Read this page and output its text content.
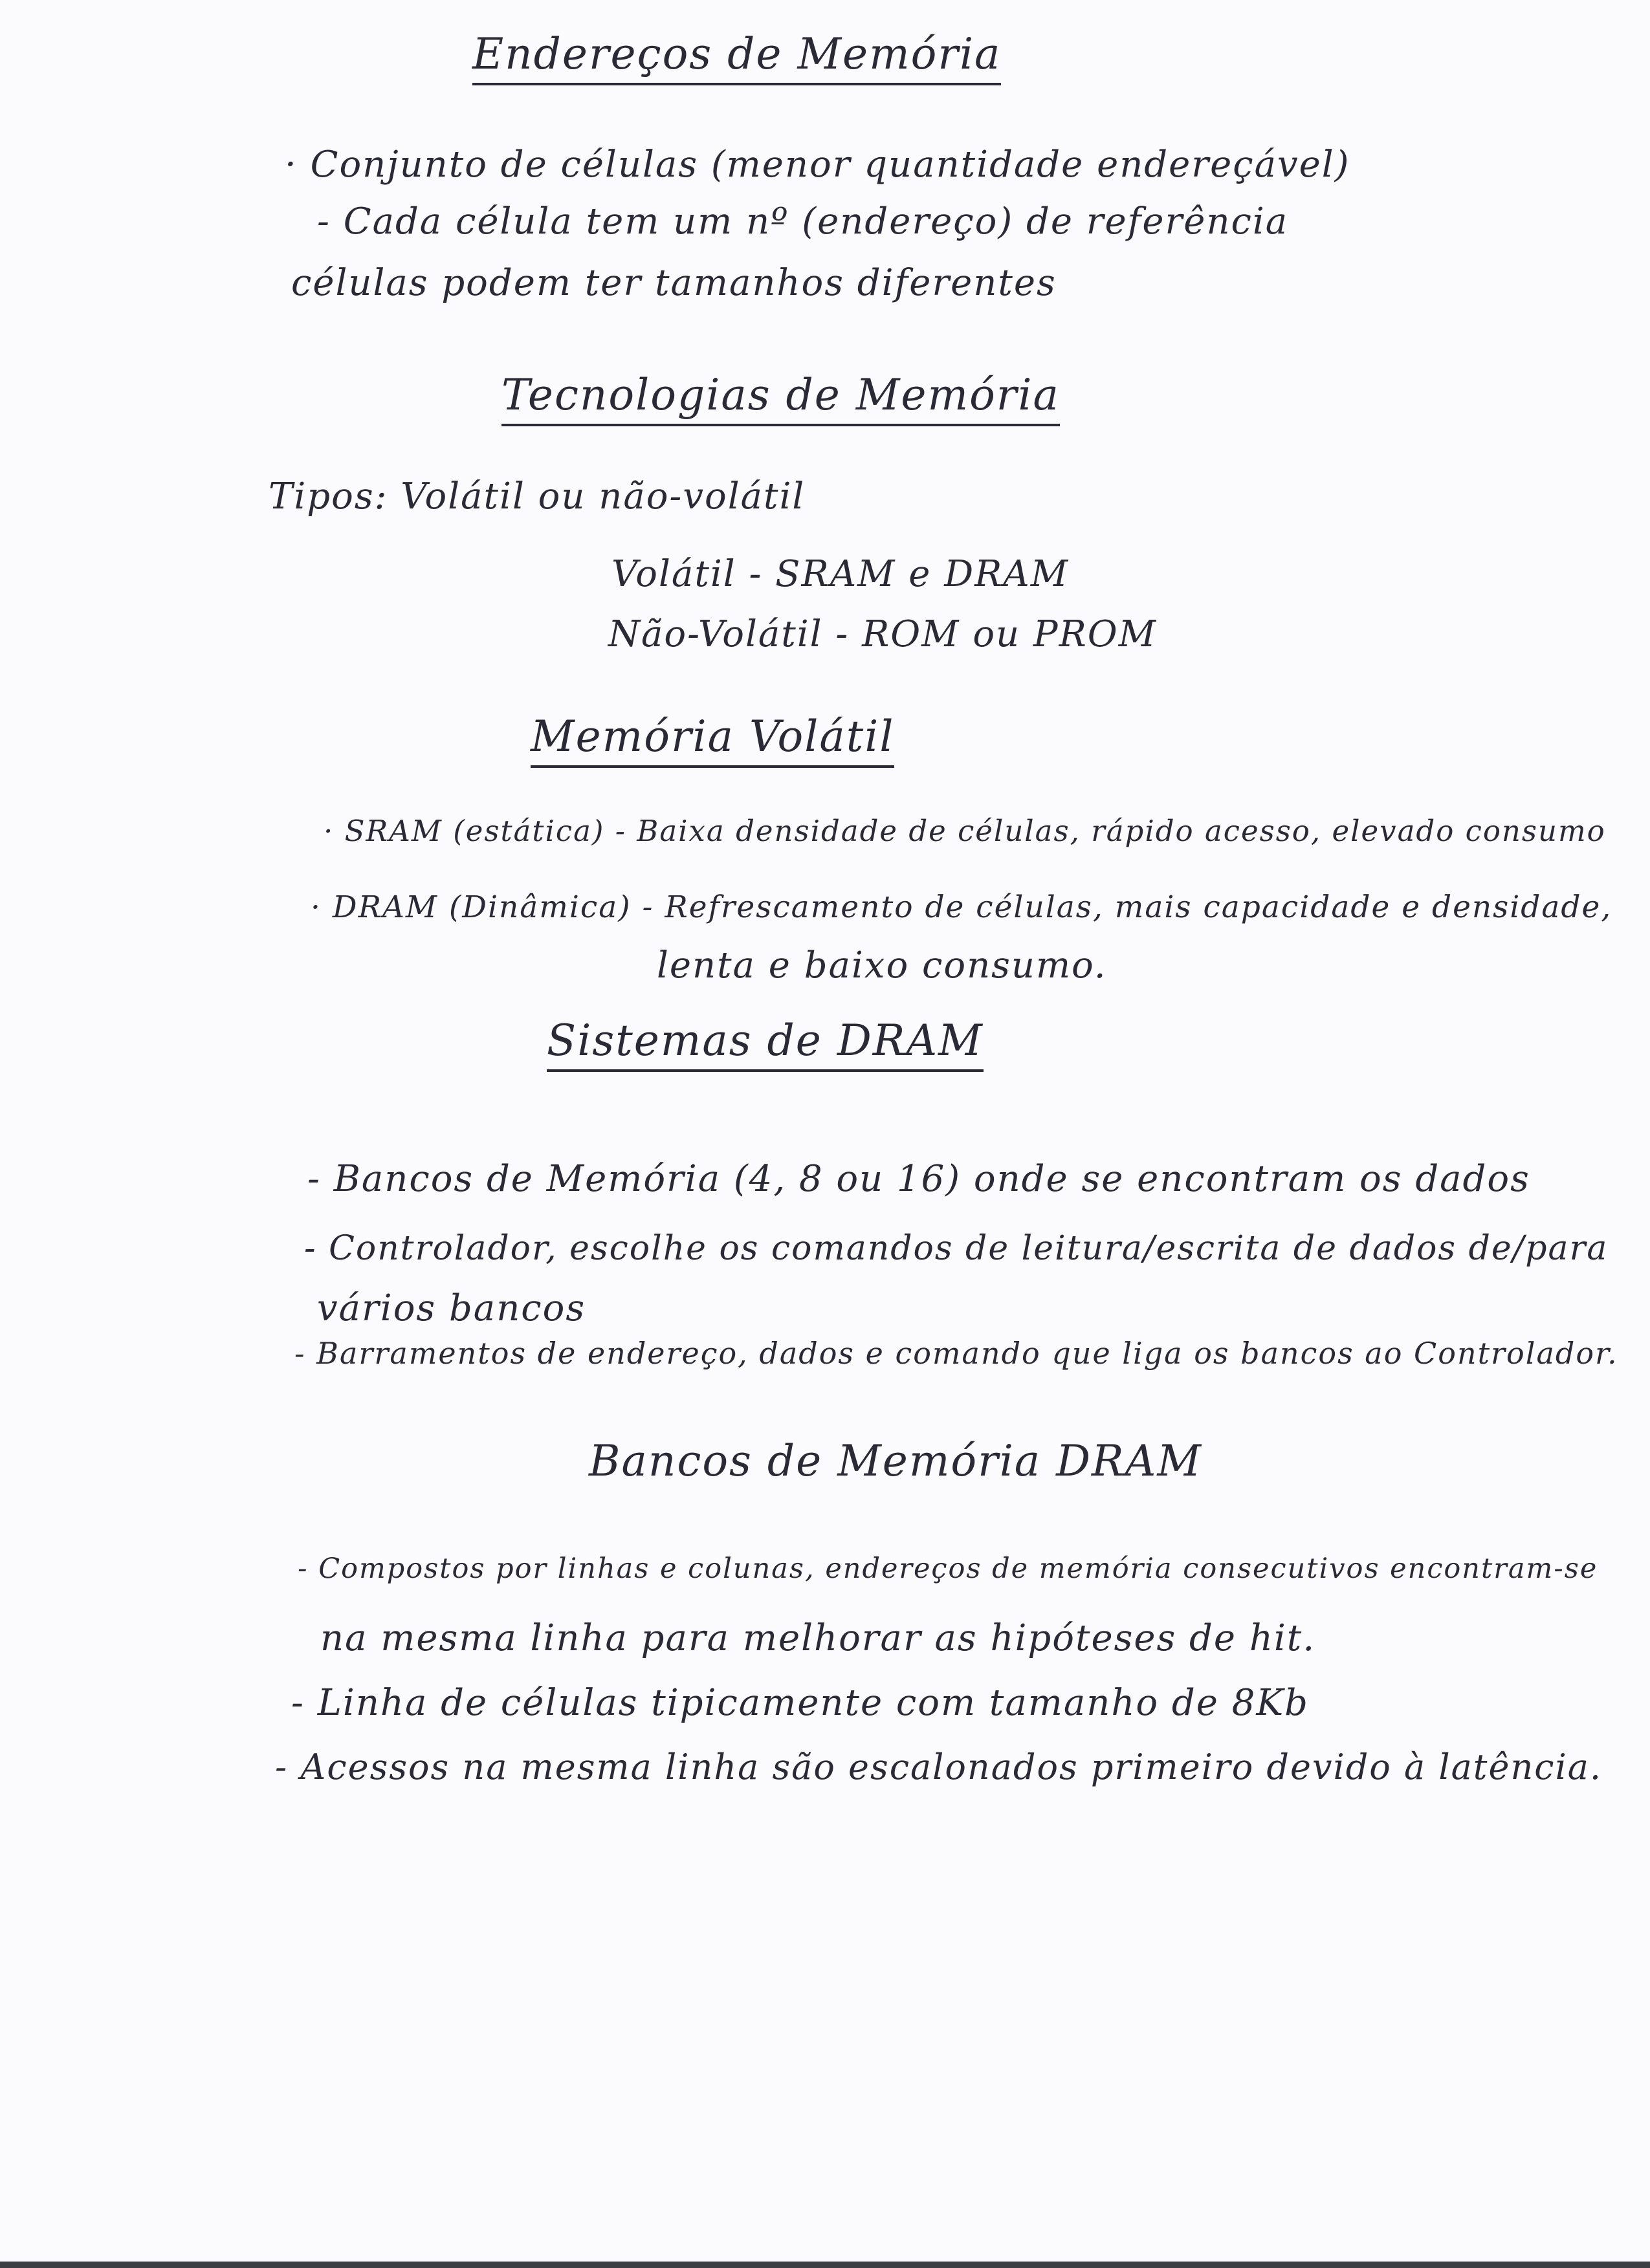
Endereços de Memória
· Conjunto de células (menor quantidade endereçável)
- Cada célula tem um nº (endereço) de referência
células podem ter tamanhos diferentes
Tecnologias de Memória
Tipos: Volátil ou não-volátil
Volátil - SRAM e DRAM
Não-Volátil - ROM ou PROM
Memória Volátil
· SRAM (estática) - Baixa densidade de células, rápido acesso, elevado consumo
· DRAM (Dinâmica) - Refrescamento de células, mais capacidade e densidade,
lenta e baixo consumo.
Sistemas de DRAM
- Bancos de Memória (4, 8 ou 16) onde se encontram os dados
- Controlador, escolhe os comandos de leitura/escrita de dados de/para
vários bancos
- Barramentos de endereço, dados e comando que liga os bancos ao Controlador.
Bancos de Memória DRAM
- Compostos por linhas e colunas, endereços de memória consecutivos encontram-se
na mesma linha para melhorar as hipóteses de hit.
- Linha de células tipicamente com tamanho de 8Kb
- Acessos na mesma linha são escalonados primeiro devido à latência.
